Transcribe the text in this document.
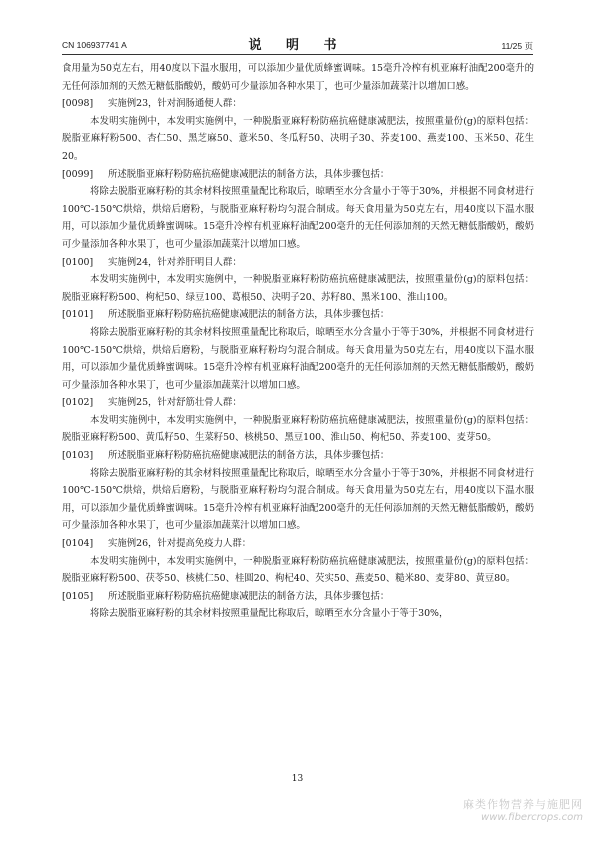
CN 106937741 A	说 明 书	11/25 页

食用量为50克左右，用40度以下温水服用，可以添加少量优质蜂蜜调味。15毫升冷榨有机亚麻籽油配200毫升的无任何添加剂的天然无糖低脂酸奶，酸奶可少量添加各种水果丁，也可少量添加蔬菜汁以增加口感。

[0098] 实施例23，针对润肠通便人群：

本发明实施例中，本发明实施例中，一种脱脂亚麻籽粉防癌抗癌健康减肥法，按照重量份(g)的原料包括：脱脂亚麻籽粉500、杏仁50、黑芝麻50、薏米50、冬瓜籽50、决明子30、荞麦100、燕麦100、玉米50、花生20。

[0099] 所述脱脂亚麻籽粉防癌抗癌健康减肥法的制备方法，具体步骤包括：

将除去脱脂亚麻籽粉的其余材料按照重量配比称取后，晾晒至水分含量小于等于30%，并根据不同食材进行100℃-150℃烘焙，烘焙后磨粉，与脱脂亚麻籽粉均匀混合制成。每天食用量为50克左右，用40度以下温水服用，可以添加少量优质蜂蜜调味。15毫升冷榨有机亚麻籽油配200毫升的无任何添加剂的天然无糖低脂酸奶，酸奶可少量添加各种水果丁，也可少量添加蔬菜汁以增加口感。

[0100] 实施例24，针对养肝明目人群：

本发明实施例中，本发明实施例中，一种脱脂亚麻籽粉防癌抗癌健康减肥法，按照重量份(g)的原料包括：脱脂亚麻籽粉500、枸杞50、绿豆100、葛根50、决明子20、苏籽80、黑米100、淮山100。

[0101] 所述脱脂亚麻籽粉防癌抗癌健康减肥法的制备方法，具体步骤包括：

将除去脱脂亚麻籽粉的其余材料按照重量配比称取后，晾晒至水分含量小于等于30%，并根据不同食材进行100℃-150℃烘焙，烘焙后磨粉，与脱脂亚麻籽粉均匀混合制成。每天食用量为50克左右，用40度以下温水服用，可以添加少量优质蜂蜜调味。15毫升冷榨有机亚麻籽油配200毫升的无任何添加剂的天然无糖低脂酸奶，酸奶可少量添加各种水果丁，也可少量添加蔬菜汁以增加口感。

[0102] 实施例25，针对舒筋壮骨人群：

本发明实施例中，本发明实施例中，一种脱脂亚麻籽粉防癌抗癌健康减肥法，按照重量份(g)的原料包括：脱脂亚麻籽粉500、黄瓜籽50、生菜籽50、核桃50、黑豆100、淮山50、枸杞50、荞麦100、麦芽50。

[0103] 所述脱脂亚麻籽粉防癌抗癌健康减肥法的制备方法，具体步骤包括：

将除去脱脂亚麻籽粉的其余材料按照重量配比称取后，晾晒至水分含量小于等于30%，并根据不同食材进行100℃-150℃烘焙，烘焙后磨粉，与脱脂亚麻籽粉均匀混合制成。每天食用量为50克左右，用40度以下温水服用，可以添加少量优质蜂蜜调味。15毫升冷榨有机亚麻籽油配200毫升的无任何添加剂的天然无糖低脂酸奶，酸奶可少量添加各种水果丁，也可少量添加蔬菜汁以增加口感。

[0104] 实施例26，针对提高免疫力人群：

本发明实施例中，本发明实施例中，一种脱脂亚麻籽粉防癌抗癌健康减肥法，按照重量份(g)的原料包括：脱脂亚麻籽粉500、茯苓50、核桃仁50、桂圆20、枸杞40、芡实50、燕麦50、糙米80、麦芽80、黄豆80。

[0105] 所述脱脂亚麻籽粉防癌抗癌健康减肥法的制备方法，具体步骤包括：

将除去脱脂亚麻籽粉的其余材料按照重量配比称取后，晾晒至水分含量小于等于30%，

13
麻类作物营养与施肥网
www.fibercrops.com
